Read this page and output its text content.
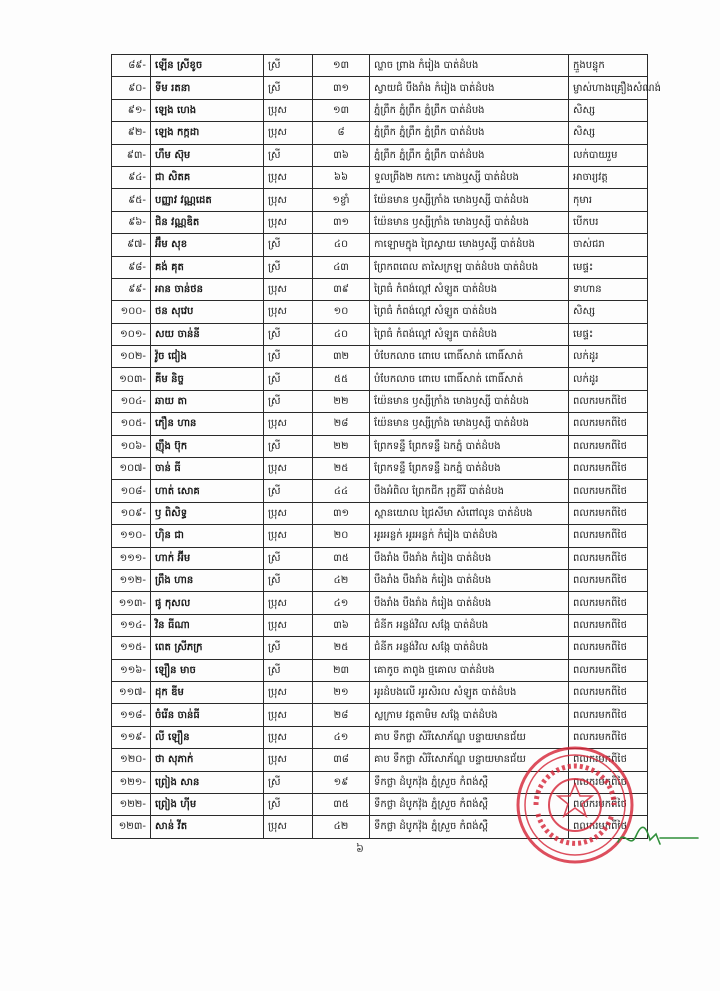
៨៩-	ឡើន ស្រីខូច	ស្រី	១៣	ល្ហាច ព្រាង កំរៀង បាត់ដំបង	ក្មួងបន្ទុក
៩០-	ទីម រតនា	ស្រី	៣១	ស្វាយជំ បឹងរាំង កំរៀង បាត់ដំបង	ម្ចាស់ហាងគ្រឿងសំណង់
៩១-	ឡេង ហេង	ប្រុស	១៣	ភ្នំព្រឹក ភ្នំព្រឹក ភ្នំព្រឹក បាត់ដំបង	សិស្ស
៩២-	ឡេង កក្កដា	ប្រុស	៨	ភ្នំព្រឹក ភ្នំព្រឹក ភ្នំព្រឹក បាត់ដំបង	សិស្ស
៩៣-	ហឹម ស៊ុម	ស្រី	៣៦	ភ្នំព្រឹក ភ្នំព្រឹក ភ្នំព្រឹក បាត់ដំបង	លក់បាយរួម
៩៤-	ជា សិតគ	ប្រុស	៦៦	ទួលព្រីង២ កកោះ ភោងឬស្សី បាត់ដំបង	អាចារ្យវត្ត
៩៥-	បញ្ញាវ វណ្ណដេត	ប្រុស	១ខ្ចាំ	យ៉ែនមាន ឫស្សីក្រាំង មោងឫស្សី បាត់ដំបង	កុមារ
៩៦-	ជិន វណ្ណឌិត	ប្រុស	៣១	យ៉ែនមាន ឫស្សីក្រាំង មោងឫស្សី បាត់ដំបង	បើកបរ
៩៧-	អ៊ឹម សុខ	ស្រី	៤០	កាឡោមក្នុង ព្រៃស្វាយ មោងឫស្សី បាត់ដំបង	ចាស់ជរា
៩៨-	គង់ គុត	ស្រី	៤៣	ព្រែកពពេល តាសៃក្រឡ បាត់ដំបង បាត់ដំបង	មេផ្ទះ
៩៩-	អាន ចាន់ថន	ប្រុស	៣៩	ព្រៃធំ កំពង់ល្ពៅ សំឡូត បាត់ដំបង	ទាហាន
១០០-	ថន សុវេប	ប្រុស	១០	ព្រៃធំ កំពង់ល្ពៅ សំឡូត បាត់ដំបង	សិស្ស
១០១-	សយ ចាន់នី	ស្រី	៤០	ព្រៃធំ កំពង់ល្ពៅ សំឡូត បាត់ដំបង	មេផ្ទះ
១០២-	វ៉ូច ជៀង	ស្រី	៣២	បំបែកលាច ពោបេ ពោធិ៍សាត់ ពោធិ៍សាត់	លក់ដូរ
១០៣-	គីម និច្ច	ស្រី	៥៥	បំបែកលាច ពោបេ ពោធិ៍សាត់ ពោធិ៍សាត់	លក់ដូរ
១០៤-	ឆាយ តា	ស្រី	២២	យ៉ែនមាន ឫស្សីក្រាំង មោងឫស្សី បាត់ដំបង	ពលករមកពីថៃ
១០៥-	ភឿន ហាន	ប្រុស	២៨	យ៉ែនមាន ឫស្សីក្រាំង មោងឫស្សី បាត់ដំបង	ពលករមកពីថៃ
១០៦-	ញ៉ឹង ប៊ុក	ស្រី	២២	ព្រែកទន្ទឹ ព្រែកទន្ទឹ ឯកភ្នំ បាត់ដំបង	ពលករមកពីថៃ
១០៧-	ចាន់ ធី	ប្រុស	២៥	ព្រែកទន្ទឹ ព្រែកទន្ទឹ ឯកភ្នំ បាត់ដំបង	ពលករមកពីថៃ
១០៨-	ហាត់ សោគ	ស្រី	៤៤	បឹងអំពិល ព្រែកជីក រុក្ខគីរី បាត់ដំបង	ពលករមកពីថៃ
១០៩-	ឫ ពិសិទ្ធ	ប្រុស	៣១	ស្ពានយោល ជ្រៃសីមា សំពៅលូន បាត់ដំបង	ពលករមកពីថៃ
១១០-	ហ៊ិន ជា	ប្រុស	២០	អូរអន្លក់ អូរអន្លក់ កំរៀង បាត់ដំបង	ពលករមកពីថៃ
១១១-	ហាក់ អ៊ីម	ស្រី	៣៥	បឹងរាំង បឹងរាំង កំរៀង បាត់ដំបង	ពលករមកពីថៃ
១១២-	ព្រឹង ហាន	ស្រី	៤២	បឹងរាំង បឹងរាំង កំរៀង បាត់ដំបង	ពលករមកពីថៃ
១១៣-	ផូ កុសល	ប្រុស	៤១	បឹងរាំង បឹងរាំង កំរៀង បាត់ដំបង	ពលករមកពីថៃ
១១៤-	វិន ធីណា	ប្រុស	៣៦	ជំនីក អន្លង់វិល សង្កែ បាត់ដំបង	ពលករមកពីថៃ
១១៥-	ពេត ស្រីភក្រ	ស្រី	២៥	ជំនីក អន្លង់វិល សង្កែ បាត់ដំបង	ពលករមកពីថៃ
១១៦-	ឡឿន មាច	ស្រី	២៣	គោកូច តាពូង ថ្មគោល បាត់ដំបង	ពលករមកពីថៃ
១១៧-	ដុក ឌីម	ប្រុស	២១	អូរដំបងលើ អូរសិរល សំឡូត បាត់ដំបង	ពលករមកពីថៃ
១១៨-	ចំរើន ចាន់ធី	ប្រុស	២៨	ស្លក្រាម វត្តតាមិម សង្កែ បាត់ដំបង	ពលករមកពីថៃ
១១៩-	លី ឡឿន	ប្រុស	៤១	គាប ទឹកថ្លា សិរីសោភ័ណ្ឌ បន្ទាយមានជ័យ	ពលករមកពីថៃ
១២០-	ថា សុភាក់	ប្រុស	៣៨	គាប ទឹកថ្លា សិរីសោភ័ណ្ឌ បន្ទាយមានជ័យ	ពលករមកពីថៃ
១២១-	ព្រៀង សាន	ស្រី	១៩	ទឹកថ្លា ដំបូកវ៉ុង ភ្នំស្រួច កំពង់ស្ពឺ	ពលករមកពីថៃ
១២២-	ព្រៀង ហ៊ីម	ស្រី	៣៥	ទឹកថ្លា ដំបូកវ៉ុង ភ្នំស្រួច កំពង់ស្ពឺ	ពលករមកពីថៃ
១២៣-	សាន់ វីត	ប្រុស	៤២	ទឹកថ្លា ដំបូកវ៉ុង ភ្នំស្រួច កំពង់ស្ពឺ	ពលករមកពីថៃ
៦
